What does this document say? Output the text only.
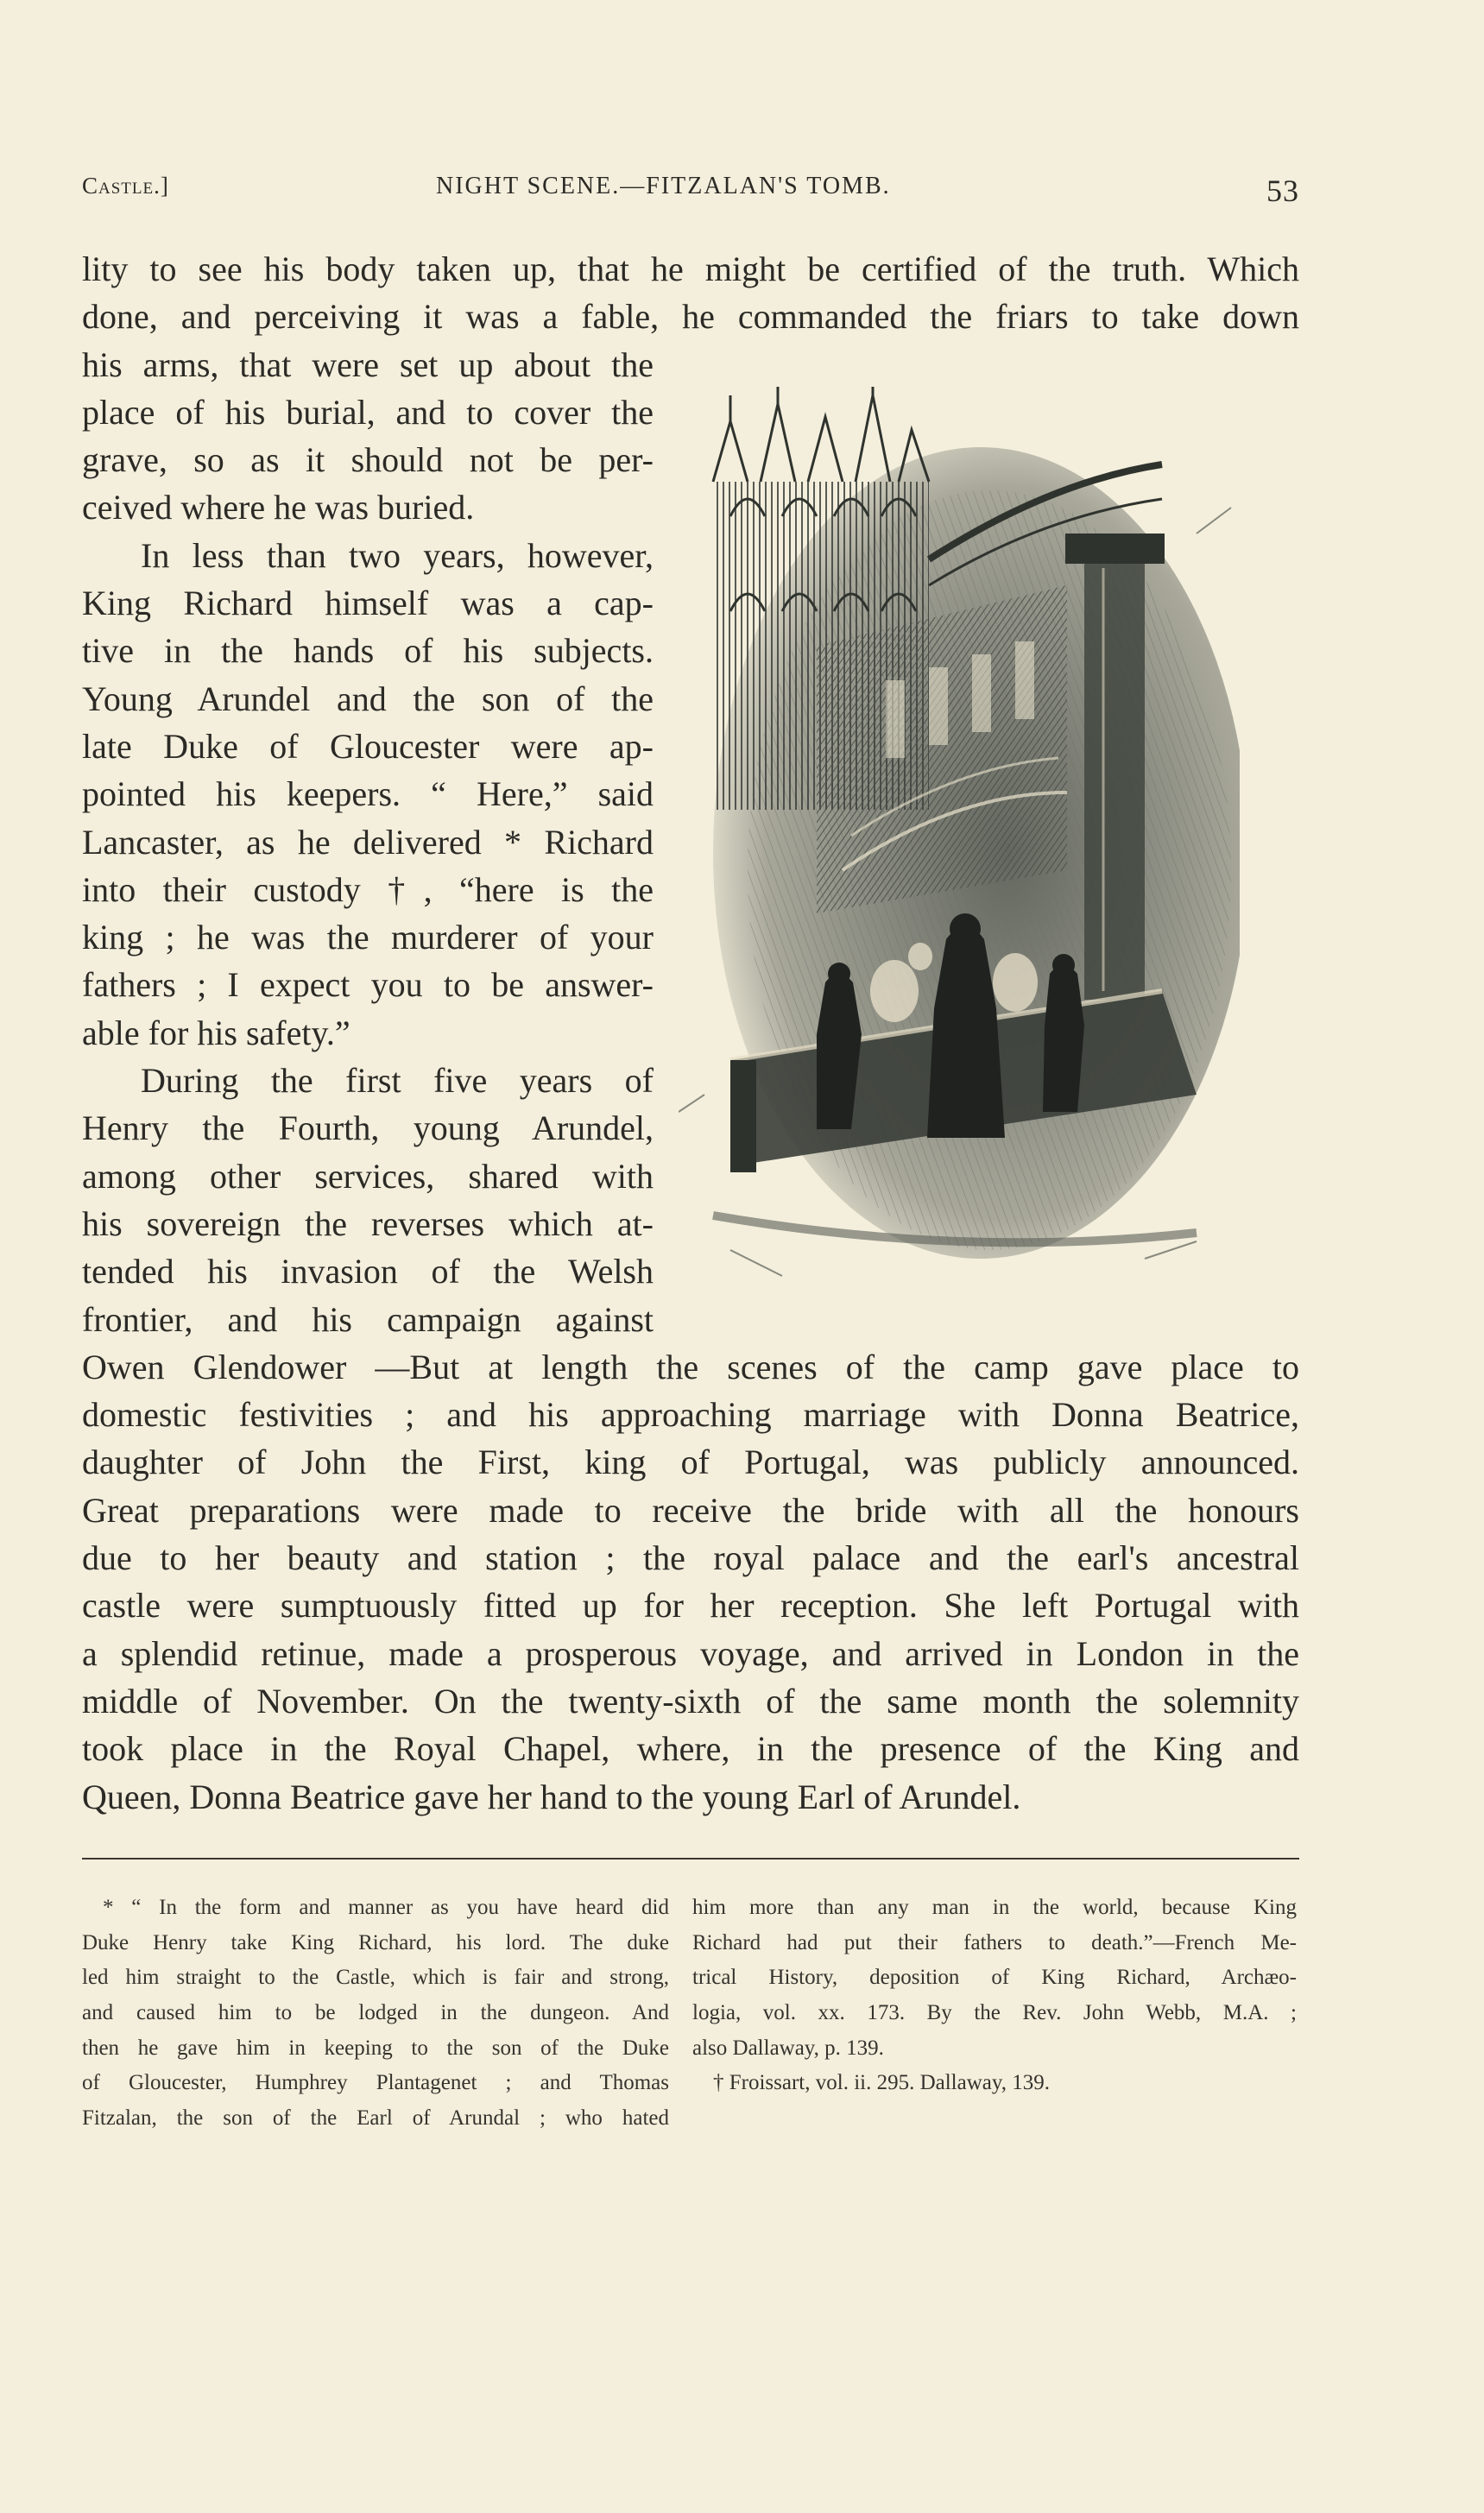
Castle.]	NIGHT SCENE.—FITZALAN'S TOMB.	53
lity to see his body taken up, that he might be certified of the truth. Which
done, and perceiving it was a fable, he commanded the friars to take down
his arms, that were set up about the
place of his burial, and to cover the
grave, so as it should not be per-
ceived where he was buried.
In less than two years, however,
King Richard himself was a cap-
tive in the hands of his subjects.
Young Arundel and the son of the
late Duke of Gloucester were ap-
pointed his keepers. “ Here,” said
Lancaster, as he delivered * Richard
into their custody †, “here is the
king ; he was the murderer of your
fathers ; I expect you to be answer-
able for his safety.”
During the first five years of
Henry the Fourth, young Arundel,
among other services, shared with
his sovereign the reverses which at-
tended his invasion of the Welsh
frontier, and his campaign against
Owen Glendower —But at length the scenes of the camp gave place to
domestic festivities ; and his approaching marriage with Donna Beatrice,
daughter of John the First, king of Portugal, was publicly announced.
Great preparations were made to receive the bride with all the honours
due to her beauty and station ; the royal palace and the earl's ancestral
castle were sumptuously fitted up for her reception. She left Portugal with
a splendid retinue, made a prosperous voyage, and arrived in London in the
middle of November. On the twenty-sixth of the same month the solemnity
took place in the Royal Chapel, where, in the presence of the King and
Queen, Donna Beatrice gave her hand to the young Earl of Arundel.
* “ In the form and manner as you have heard did
Duke Henry take King Richard, his lord. The duke
led him straight to the Castle, which is fair and strong,
and caused him to be lodged in the dungeon. And
then he gave him in keeping to the son of the Duke
of Gloucester, Humphrey Plantagenet ; and Thomas
Fitzalan, the son of the Earl of Arundal ; who hated
him more than any man in the world, because King
Richard had put their fathers to death.”—French Me-
trical History, deposition of King Richard, Archæo-
logia, vol. xx. 173. By the Rev. John Webb, M.A. ;
also Dallaway, p. 139.
† Froissart, vol. ii. 295. Dallaway, 139.
